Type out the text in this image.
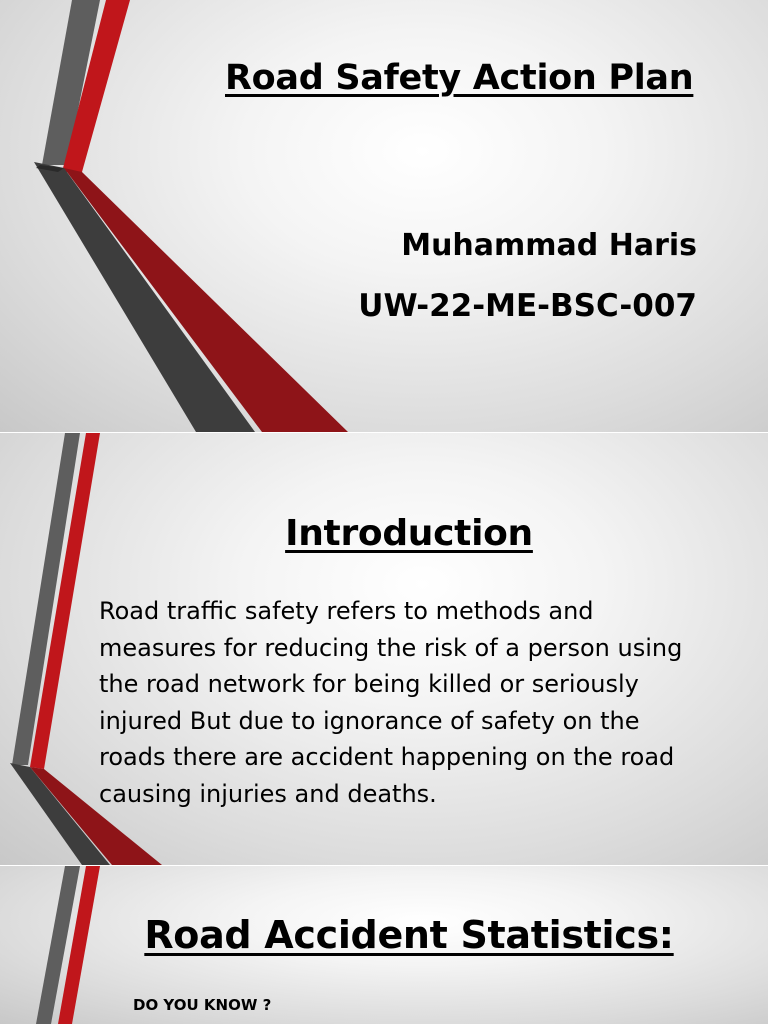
Road Safety Action Plan
Muhammad Haris
UW-22-ME-BSC-007
Introduction

Road traffic safety refers to methods and measures for reducing the risk of a person using the road network for being killed or seriously injured But due to ignorance of safety on the roads there are accident happening on the road causing injuries and deaths.

Road Accident Statistics:
DO YOU KNOW ?
